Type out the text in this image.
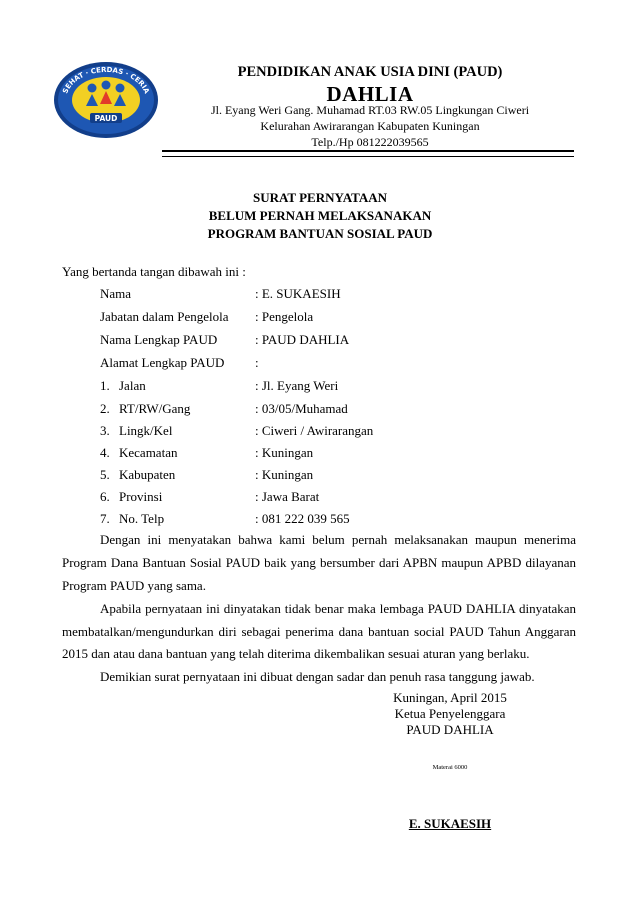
SEHAT · CERDAS · CERIA
PAUD
PENDIDIKAN ANAK USIA DINI (PAUD)
DAHLIA
Jl. Eyang Weri Gang. Muhamad RT.03 RW.05 Lingkungan Ciweri
Kelurahan Awirarangan Kabupaten Kuningan
Telp./Hp 081222039565
SURAT PERNYATAAN
BELUM PERNAH MELAKSANAKAN
PROGRAM BANTUAN SOSIAL PAUD
Yang bertanda tangan dibawah ini :
Nama	: E. SUKAESIH
Jabatan dalam Pengelola : Pengelola
Nama Lengkap PAUD	: PAUD DAHLIA
Alamat Lengkap PAUD :
1. Jalan	: Jl. Eyang Weri
2. RT/RW/Gang	: 03/05/Muhamad
3. Lingk/Kel	: Ciweri / Awirarangan
4. Kecamatan	: Kuningan
5. Kabupaten	: Kuningan
6. Provinsi	: Jawa Barat
7. No. Telp	: 081 222 039 565
Dengan ini menyatakan bahwa kami belum pernah melaksanakan maupun menerima
Program Dana Bantuan Sosial PAUD baik yang bersumber dari APBN maupun APBD dilayanan
Program PAUD yang sama.
Apabila pernyataan ini dinyatakan tidak benar maka lembaga PAUD DAHLIA dinyatakan
membatalkan/mengundurkan diri sebagai penerima dana bantuan social PAUD Tahun Anggaran
2015 dan atau dana bantuan yang telah diterima dikembalikan sesuai aturan yang berlaku.
Demikian surat pernyataan ini dibuat dengan sadar dan penuh rasa tanggung jawab.
Kuningan, April 2015
Ketua Penyelenggara
PAUD DAHLIA
Materai 6000
E. SUKAESIH
